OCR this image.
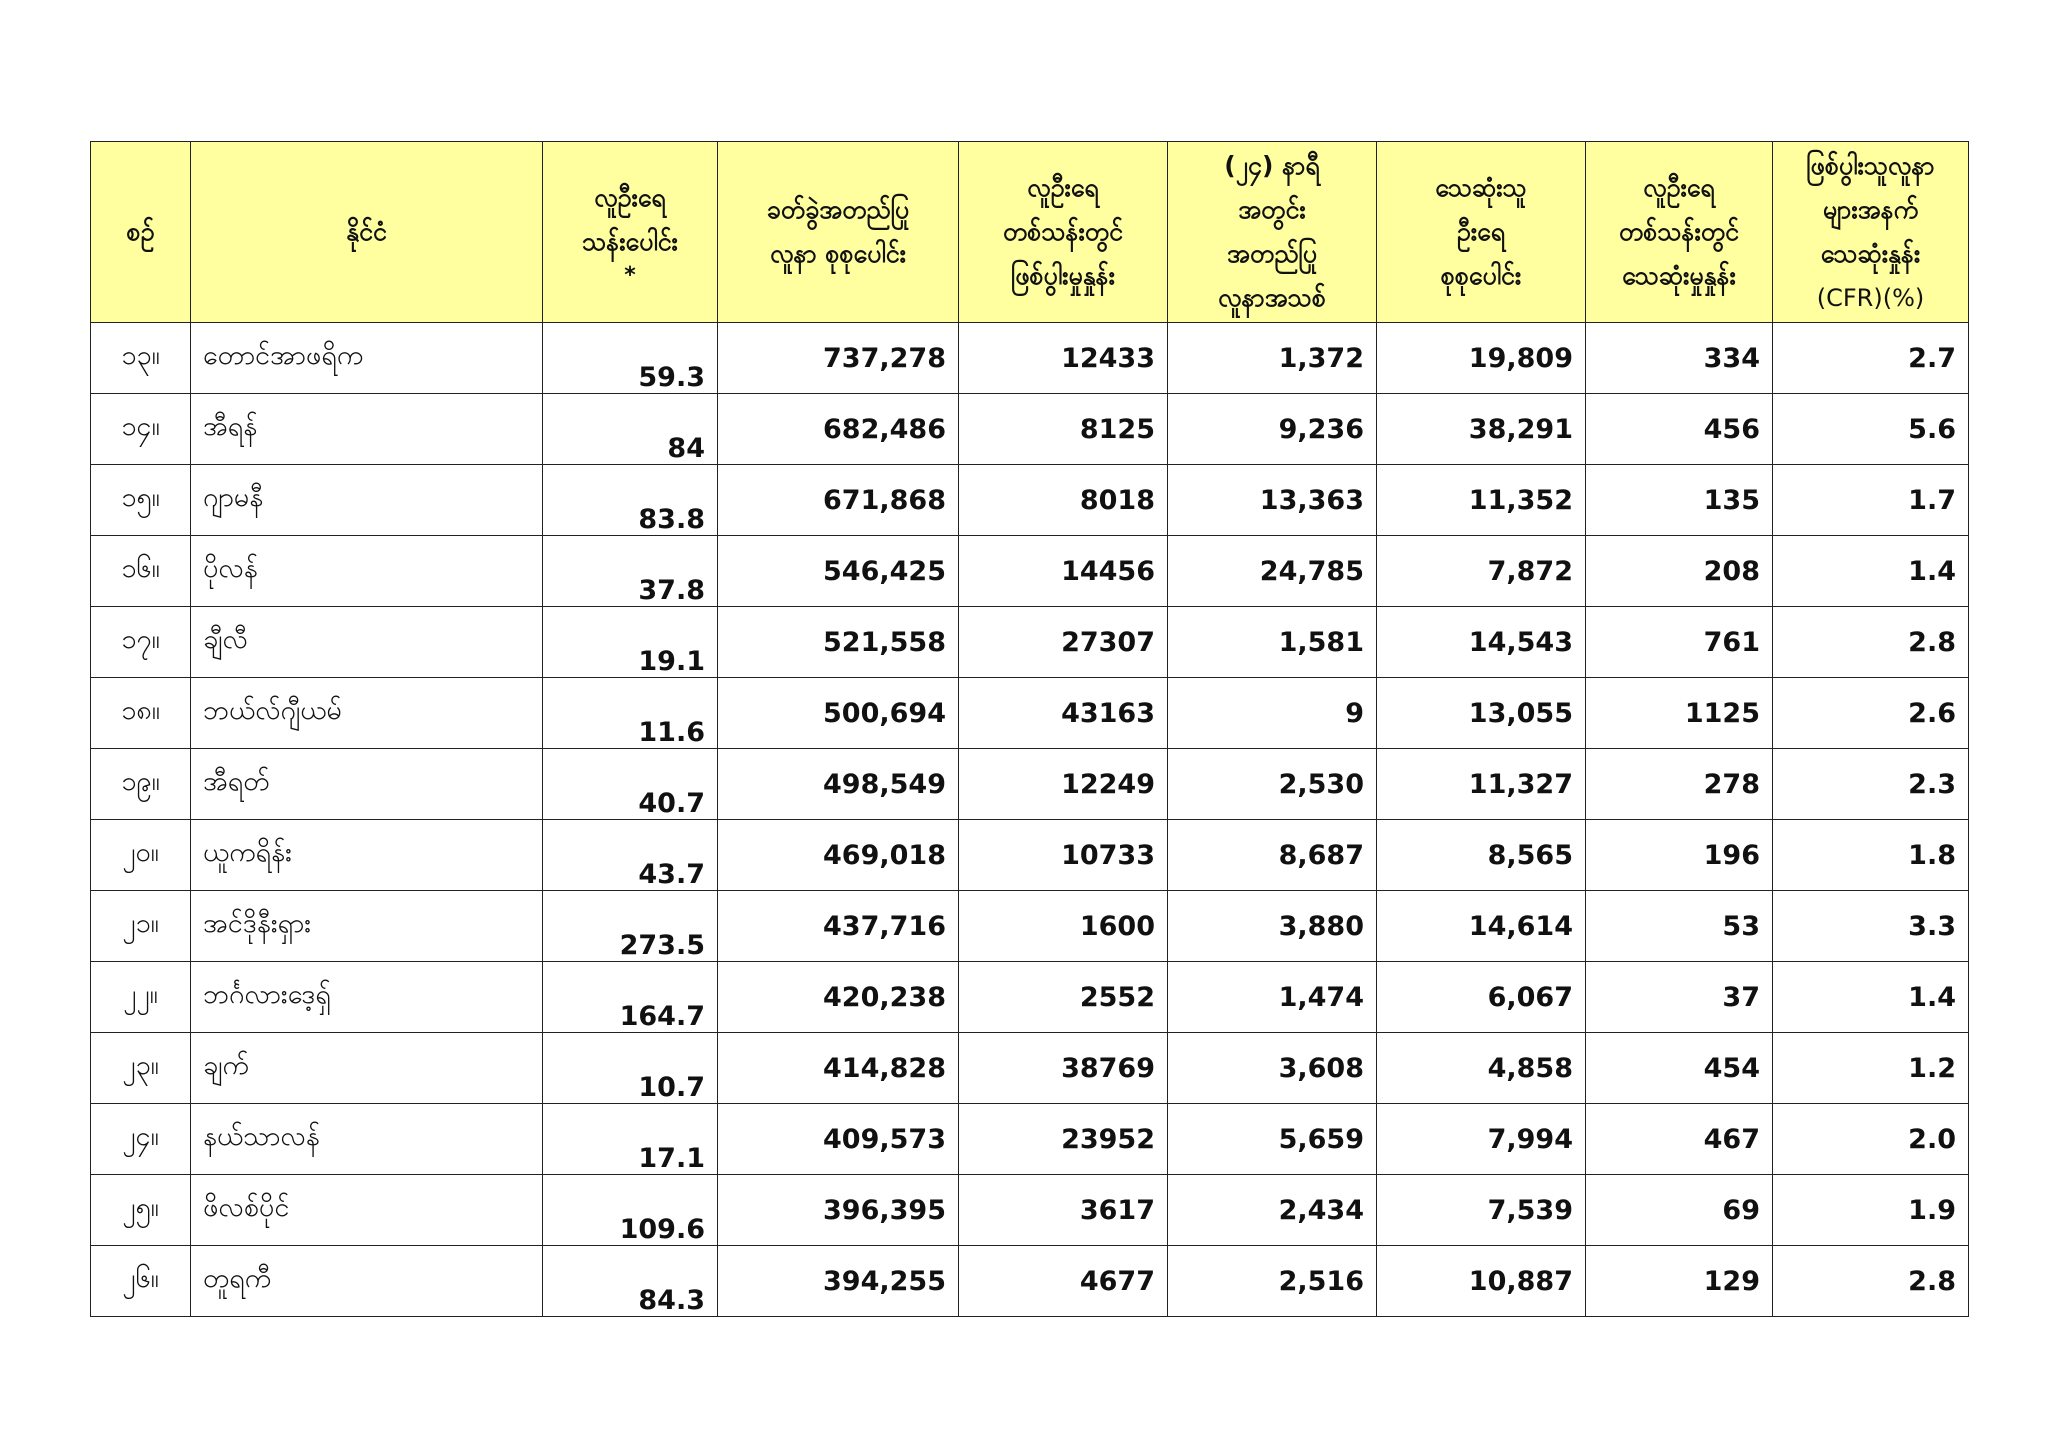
စဉ်	နိုင်ငံ	လူဦးရေ
သန်းပေါင်း
*	ခတ်ခွဲအတည်ပြု
လူနာ စုစုပေါင်း	လူဦးရေ
တစ်သန်းတွင်
ဖြစ်ပွါးမှုနှုန်း	(၂၄) နာရီ
အတွင်း
အတည်ပြု
လူနာအသစ်	သေဆုံးသူ
ဦးရေ
စုစုပေါင်း	လူဦးရေ
တစ်သန်းတွင်
သေဆုံးမှုနှုန်း	ဖြစ်ပွါးသူလူနာ
များအနက်
သေဆုံးနှုန်း
(CFR)(%)

၁၃။	တောင်အာဖရိက	59.3	737,278	12433	1,372	19,809	334	2.7
၁၄။	အီရန်	84	682,486	8125	9,236	38,291	456	5.6
၁၅။	ဂျာမနီ	83.8	671,868	8018	13,363	11,352	135	1.7
၁၆။	ပိုလန်	37.8	546,425	14456	24,785	7,872	208	1.4
၁၇။	ချီလီ	19.1	521,558	27307	1,581	14,543	761	2.8
၁၈။	ဘယ်လ်ဂျီယမ်	11.6	500,694	43163	9	13,055	1125	2.6
၁၉။	အီရတ်	40.7	498,549	12249	2,530	11,327	278	2.3
၂၀။	ယူကရိန်း	43.7	469,018	10733	8,687	8,565	196	1.8
၂၁။	အင်ဒိုနီးရှား	273.5	437,716	1600	3,880	14,614	53	3.3
၂၂။	ဘင်္ဂလားဒေ့ရှ်	164.7	420,238	2552	1,474	6,067	37	1.4
၂၃။	ချက်	10.7	414,828	38769	3,608	4,858	454	1.2
၂၄။	နယ်သာလန်	17.1	409,573	23952	5,659	7,994	467	2.0
၂၅။	ဖိလစ်ပိုင်	109.6	396,395	3617	2,434	7,539	69	1.9
၂၆။	တူရကီ	84.3	394,255	4677	2,516	10,887	129	2.8
